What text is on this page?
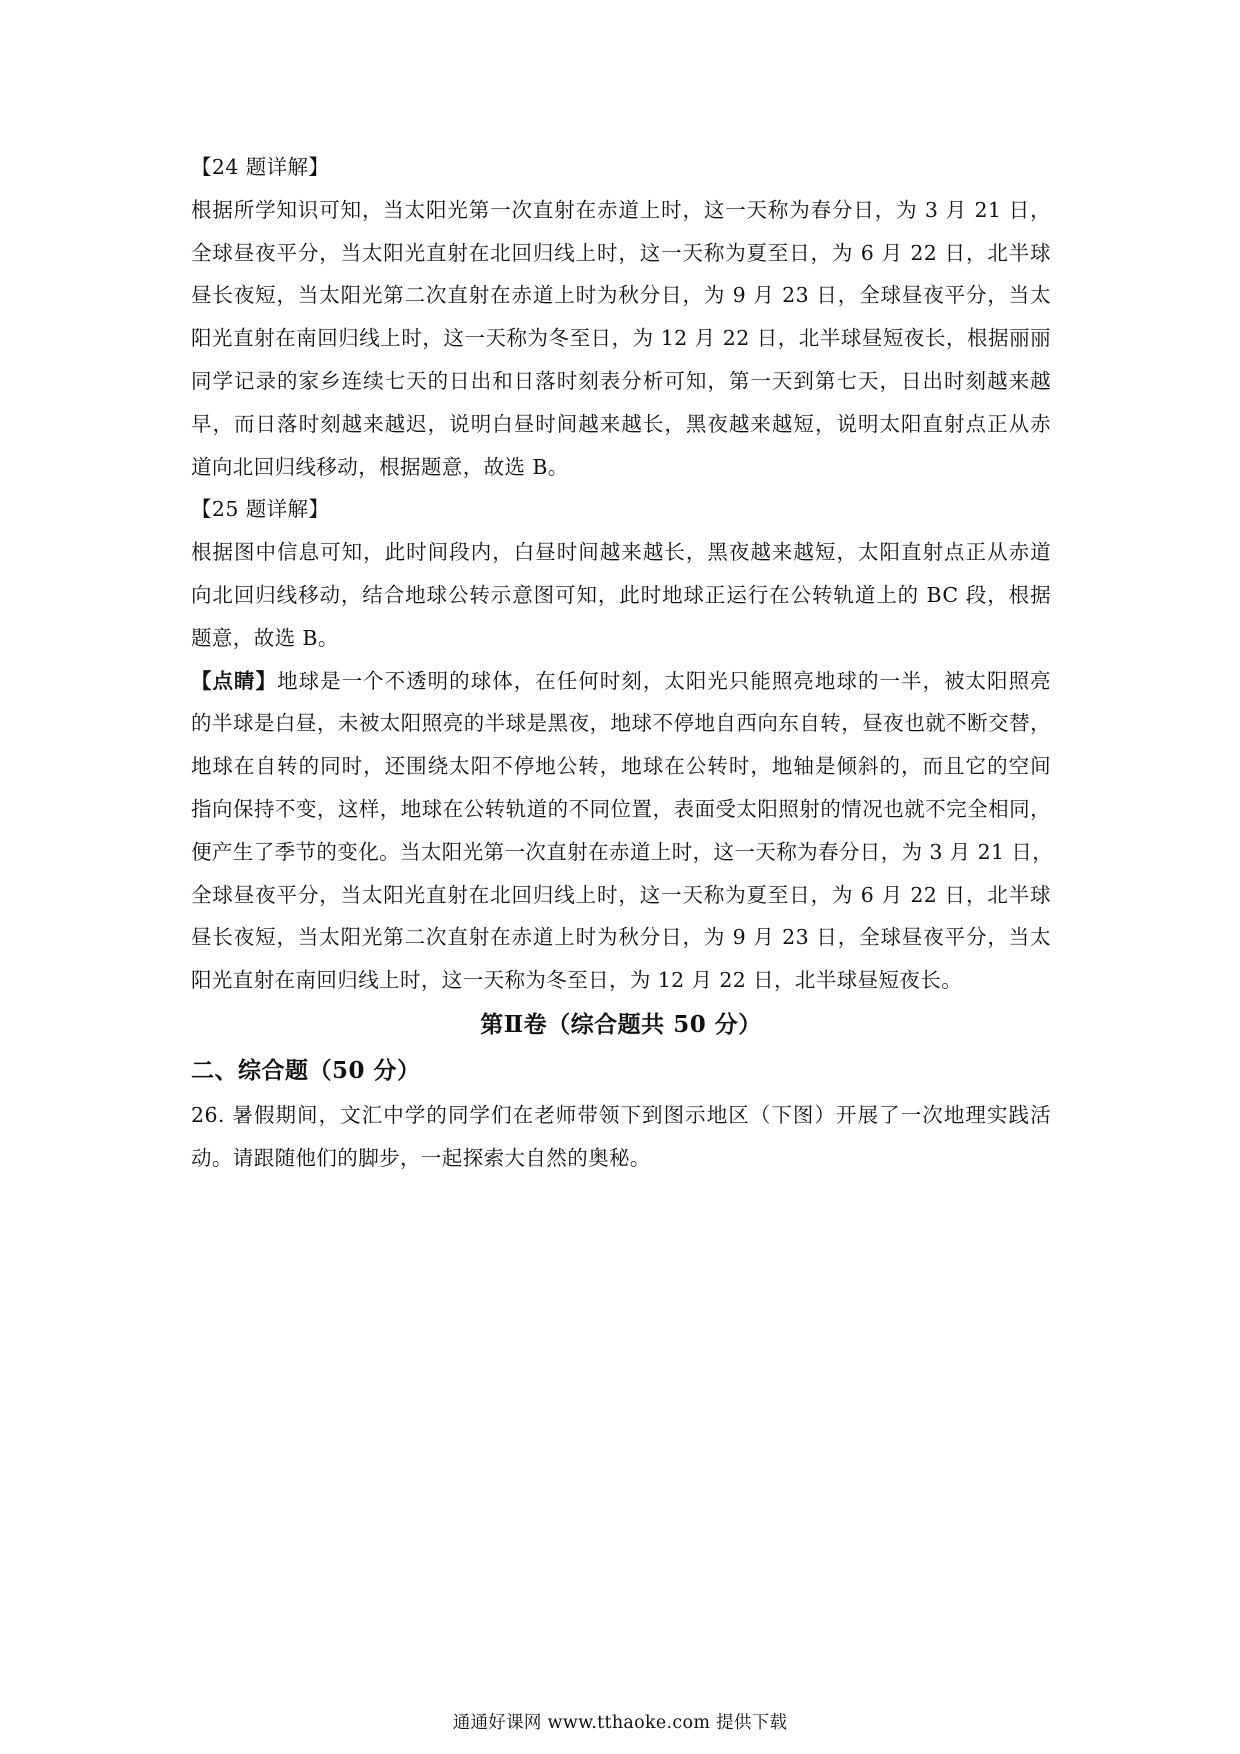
【24 题详解】
根据所学知识可知，当太阳光第一次直射在赤道上时，这一天称为春分日，为 3 月 21 日，
全球昼夜平分，当太阳光直射在北回归线上时，这一天称为夏至日，为 6 月 22 日，北半球
昼长夜短，当太阳光第二次直射在赤道上时为秋分日，为 9 月 23 日，全球昼夜平分，当太
阳光直射在南回归线上时，这一天称为冬至日，为 12 月 22 日，北半球昼短夜长，根据丽丽
同学记录的家乡连续七天的日出和日落时刻表分析可知，第一天到第七天，日出时刻越来越
早，而日落时刻越来越迟，说明白昼时间越来越长，黑夜越来越短，说明太阳直射点正从赤
道向北回归线移动，根据题意，故选 B。
【25 题详解】
根据图中信息可知，此时间段内，白昼时间越来越长，黑夜越来越短，太阳直射点正从赤道
向北回归线移动，结合地球公转示意图可知，此时地球正运行在公转轨道上的 BC 段，根据
题意，故选 B。
【点睛】地球是一个不透明的球体，在任何时刻，太阳光只能照亮地球的一半，被太阳照亮
的半球是白昼，未被太阳照亮的半球是黑夜，地球不停地自西向东自转，昼夜也就不断交替，
地球在自转的同时，还围绕太阳不停地公转，地球在公转时，地轴是倾斜的，而且它的空间
指向保持不变，这样，地球在公转轨道的不同位置，表面受太阳照射的情况也就不完全相同，
便产生了季节的变化。当太阳光第一次直射在赤道上时，这一天称为春分日，为 3 月 21 日，
全球昼夜平分，当太阳光直射在北回归线上时，这一天称为夏至日，为 6 月 22 日，北半球
昼长夜短，当太阳光第二次直射在赤道上时为秋分日，为 9 月 23 日，全球昼夜平分，当太
阳光直射在南回归线上时，这一天称为冬至日，为 12 月 22 日，北半球昼短夜长。
第Ⅱ卷（综合题共 50 分）
二、综合题（50 分）
26. 暑假期间，文汇中学的同学们在老师带领下到图示地区（下图）开展了一次地理实践活
动。请跟随他们的脚步，一起探索大自然的奥秘。
通通好课网 www.tthaoke.com 提供下载
